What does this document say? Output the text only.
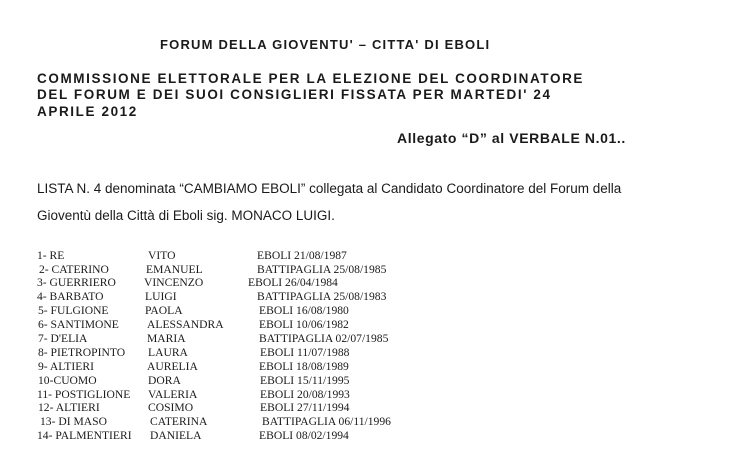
FORUM DELLA GIOVENTU' – CITTA' DI EBOLI
COMMISSIONE ELETTORALE PER LA ELEZIONE DEL COORDINATORE
DEL FORUM E DEI SUOI CONSIGLIERI FISSATA PER MARTEDI' 24
APRILE 2012
Allegato “D” al VERBALE N.01..
LISTA N. 4 denominata “CAMBIAMO EBOLI” collegata al Candidato Coordinatore del Forum della
Gioventù della Città di Eboli sig. MONACO LUIGI.
1- RE	VITO	EBOLI 21/08/1987
2- CATERINO	EMANUEL	BATTIPAGLIA 25/08/1985
3- GUERRIERO VINCENZO	EBOLI 26/04/1984
4- BARBATO	LUIGI	BATTIPAGLIA 25/08/1983
5- FULGIONE	PAOLA	EBOLI 16/08/1980
6- SANTIMONE ALESSANDRA	EBOLI 10/06/1982
7- D'ELIA	MARIA	BATTIPAGLIA 02/07/1985
8- PIETROPINTO LAURA	EBOLI 11/07/1988
9- ALTIERI	AURELIA	EBOLI 18/08/1989
10-CUOMO	DORA	EBOLI 15/11/1995
11- POSTIGLIONE VALERIA	EBOLI 20/08/1993
12- ALTIERI	COSIMO	EBOLI 27/11/1994
13- DI MASO	CATERINA	BATTIPAGLIA 06/11/1996
14- PALMENTIERI DANIELA	EBOLI 08/02/1994
